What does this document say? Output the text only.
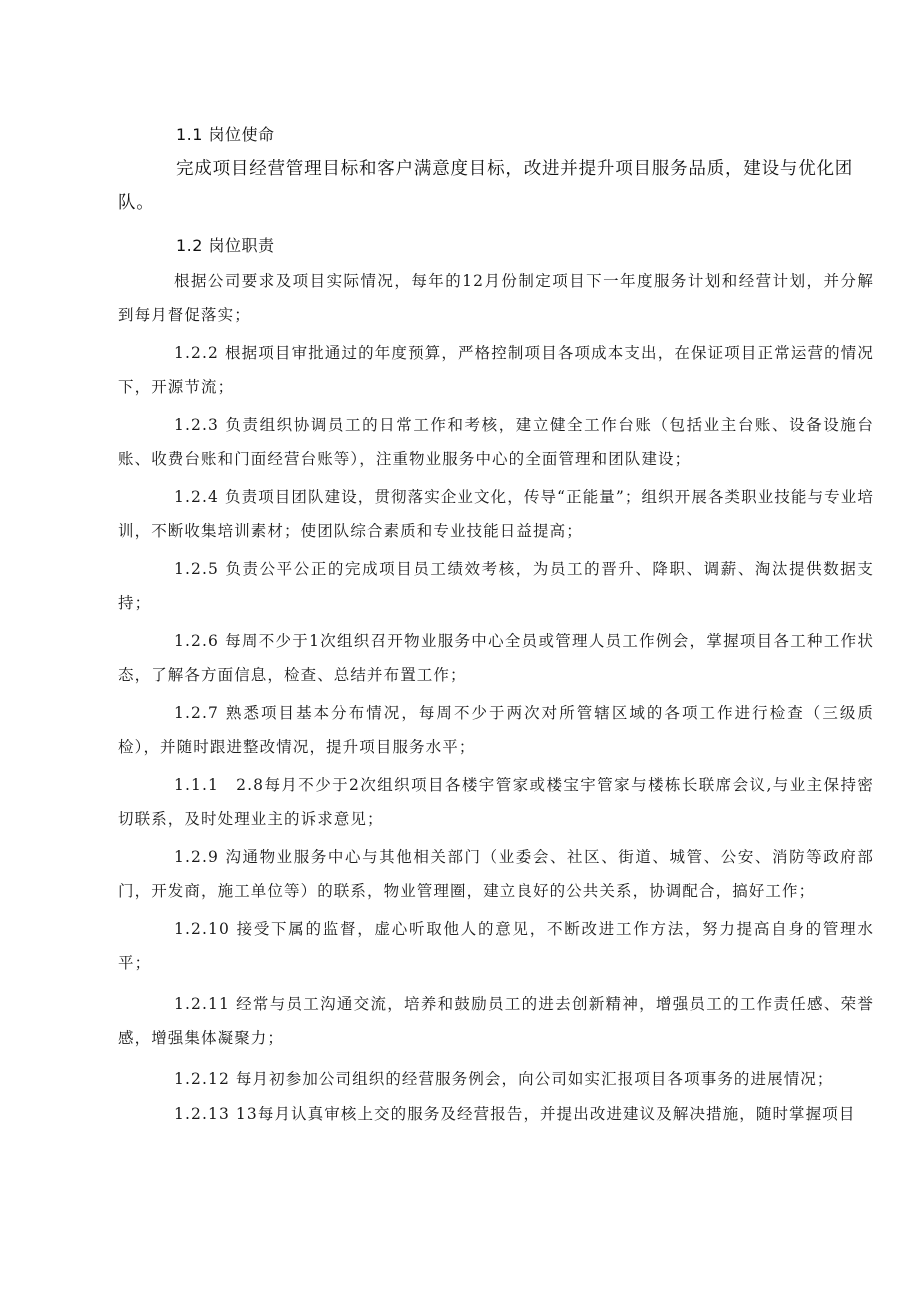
1.1 岗位使命

完成项目经营管理目标和客户满意度目标，改进并提升项目服务品质，建设与优化团队。

1.2 岗位职责

根据公司要求及项目实际情况，每年的12月份制定项目下一年度服务计划和经营计划，并分解到每月督促落实；

1.2.2 根据项目审批通过的年度预算，严格控制项目各项成本支出，在保证项目正常运营的情况下，开源节流；

1.2.3 负责组织协调员工的日常工作和考核，建立健全工作台账（包括业主台账、设备设施台账、收费台账和门面经营台账等），注重物业服务中心的全面管理和团队建设；

1.2.4 负责项目团队建设，贯彻落实企业文化，传导“正能量”；组织开展各类职业技能与专业培训，不断收集培训素材；使团队综合素质和专业技能日益提高；

1.2.5 负责公平公正的完成项目员工绩效考核，为员工的晋升、降职、调薪、淘汰提供数据支持；

1.2.6 每周不少于1次组织召开物业服务中心全员或管理人员工作例会，掌握项目各工种工作状态，了解各方面信息，检查、总结并布置工作；

1.2.7 熟悉项目基本分布情况，每周不少于两次对所管辖区域的各项工作进行检查（三级质检），并随时跟进整改情况，提升项目服务水平；

1.1.1　2.8每月不少于2次组织项目各楼宇管家或楼宝宇管家与楼栋长联席会议,与业主保持密切联系，及时处理业主的诉求意见；

1.2.9 沟通物业服务中心与其他相关部门（业委会、社区、街道、城管、公安、消防等政府部门，开发商，施工单位等）的联系，物业管理圈，建立良好的公共关系，协调配合，搞好工作；

1.2.10 接受下属的监督，虚心听取他人的意见，不断改进工作方法，努力提高自身的管理水平；

1.2.11 经常与员工沟通交流，培养和鼓励员工的进去创新精神，增强员工的工作责任感、荣誉感，增强集体凝聚力；

1.2.12 每月初参加公司组织的经营服务例会，向公司如实汇报项目各项事务的进展情况；

1.2.13 13每月认真审核上交的服务及经营报告，并提出改进建议及解决措施，随时掌握项目
